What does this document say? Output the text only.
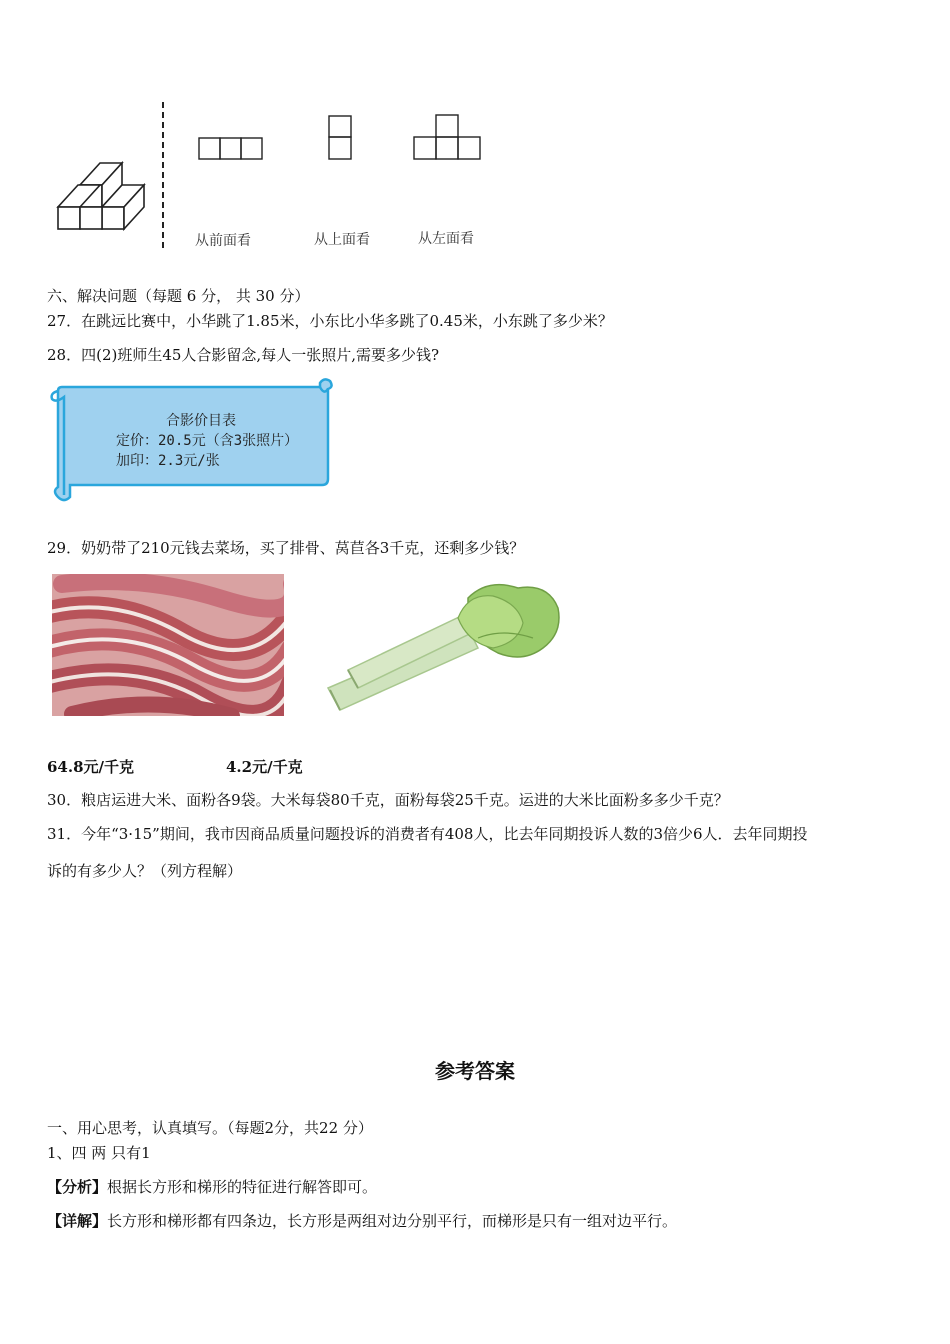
从前面看	从上面看	从左面看
六、解决问题（每题 6 分， 共 30 分）
27．在跳远比赛中，小华跳了1.85米，小东比小华多跳了0.45米，小东跳了多少米？
28．四(2)班师生45人合影留念,每人一张照片,需要多少钱?
合影价目表
定价：20.5元（含3张照片）
加印：2.3元/张
29．奶奶带了210元钱去菜场，买了排骨、莴苣各3千克，还剩多少钱？
64.8元/千克	4.2元/千克
30．粮店运进大米、面粉各9袋。大米每袋80千克，面粉每袋25千克。运进的大米比面粉多多少千克？
31．今年“3·15”期间，我市因商品质量问题投诉的消费者有408人，比去年同期投诉人数的3倍少6人．去年同期投
诉的有多少人？（列方程解）
参考答案
一、用心思考，认真填写。（每题2分，共22 分）
1、四 两 只有1
【分析】根据长方形和梯形的特征进行解答即可。
【详解】长方形和梯形都有四条边，长方形是两组对边分别平行，而梯形是只有一组对边平行。
